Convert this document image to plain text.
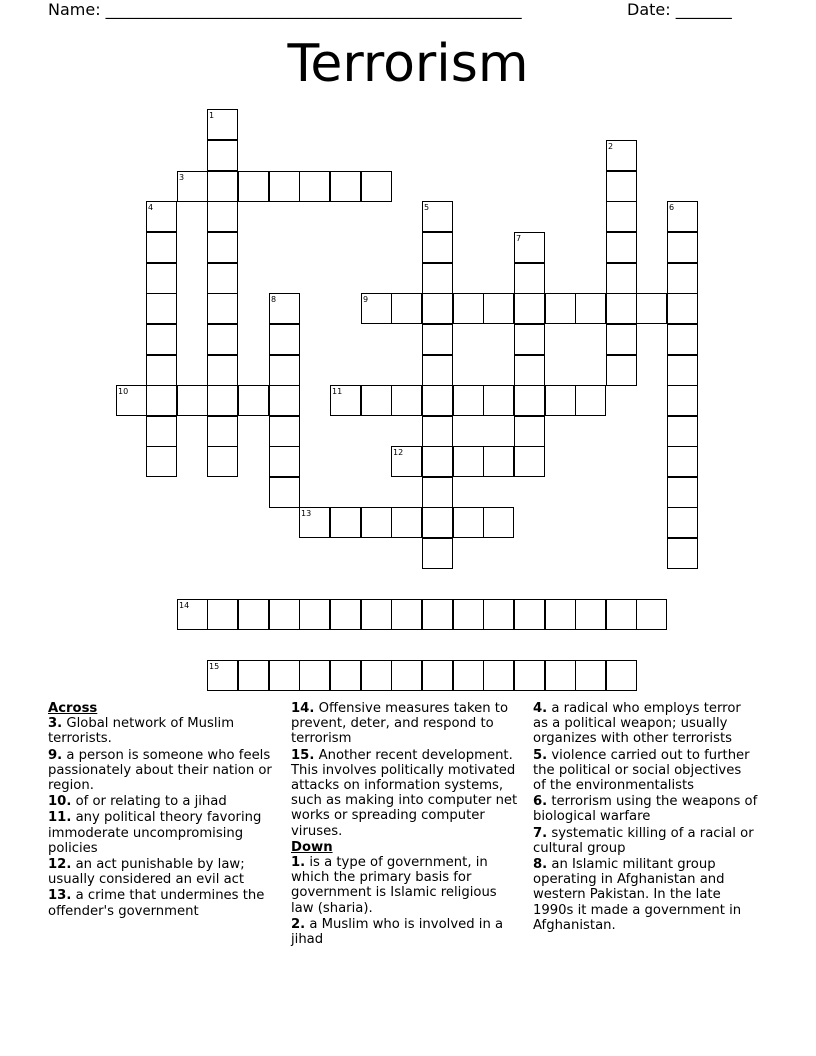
Name: ____________________________________________________	Date: _______
Terrorism
1
2
3
4	5	6
7
8	9
10	11
12
13
14
15
Across

3. Global network of Muslim terrorists.

9. a person is someone who feels passionately about their nation or region.

10. of or relating to a jihad

11. any political theory favoring immoderate uncompromising policies

12. an act punishable by law; usually considered an evil act

13. a crime that undermines the offender's government

14. Offensive measures taken to prevent, deter, and respond to terrorism

15. Another recent development. This involves politically motivated attacks on information systems, such as making into computer net works or spreading computer viruses.

Down

1. is a type of government, in which the primary basis for government is Islamic religious law (sharia).

2. a Muslim who is involved in a jihad

4. a radical who employs terror as a political weapon; usually organizes with other terrorists

5. violence carried out to further the political or social objectives of the environmentalists

6. terrorism using the weapons of biological warfare

7. systematic killing of a racial or cultural group

8. an Islamic militant group operating in Afghanistan and western Pakistan. In the late 1990s it made a government in Afghanistan.
